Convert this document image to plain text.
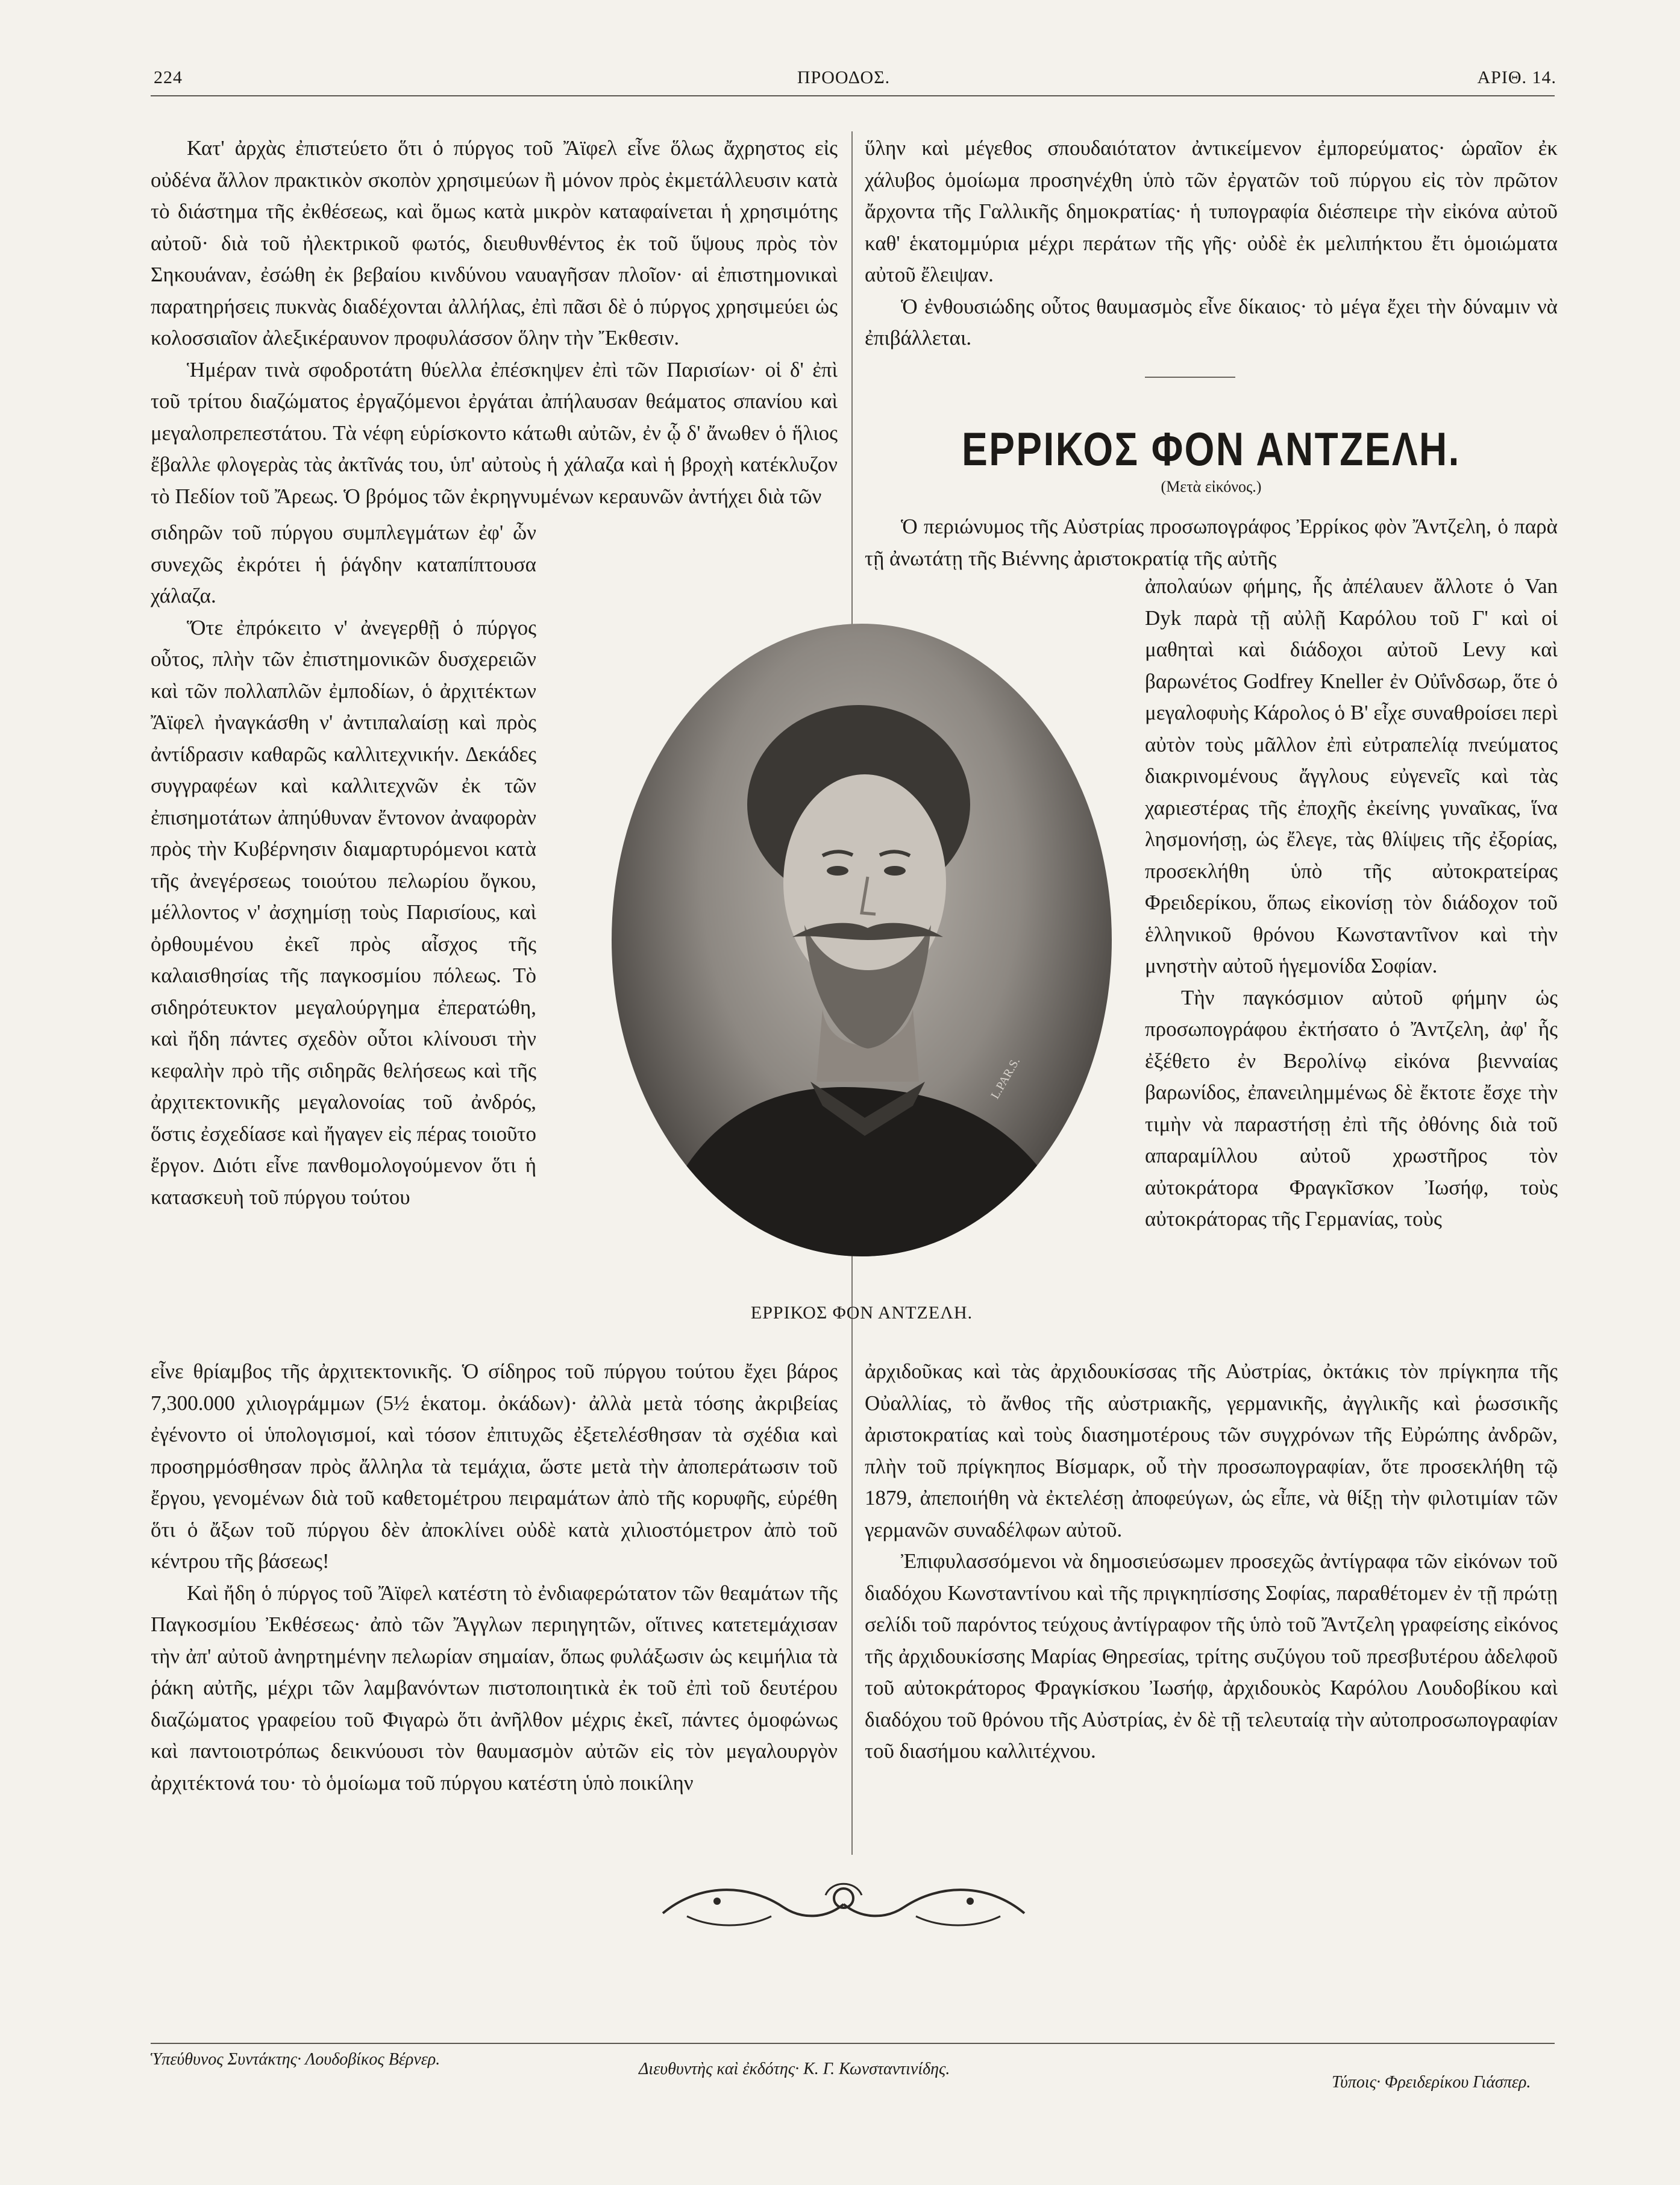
224	ΠΡΟΟΔΟΣ.	ΑΡΙΘ. 14.

Κατ' ἀρχὰς ἐπιστεύετο ὅτι ὁ πύργος τοῦ Ἄϊφελ εἶνε ὅλως ἄχρηστος εἰς οὐδένα ἄλλον πρακτικὸν σκοπὸν χρησιμεύων ἢ μόνον πρὸς ἐκμετάλλευσιν κατὰ τὸ διάστημα τῆς ἐκθέσεως, καὶ ὅμως κατὰ μικρὸν καταφαίνεται ἡ χρησιμότης αὐτοῦ· διὰ τοῦ ἠλεκτρικοῦ φωτός, διευθυνθέντος ἐκ τοῦ ὕψους πρὸς τὸν Σηκουάναν, ἐσώθη ἐκ βεβαίου κινδύνου ναυαγῆσαν πλοῖον· αἱ ἐπιστημονικαὶ παρατηρήσεις πυκνὰς διαδέχονται ἀλλήλας, ἐπὶ πᾶσι δὲ ὁ πύργος χρησιμεύει ὡς κολοσσιαῖον ἀλεξικέραυνον προφυλάσσον ὅλην τὴν Ἔκθεσιν.

Ἡμέραν τινὰ σφοδροτάτη θύελλα ἐπέσκηψεν ἐπὶ τῶν Παρισίων· οἱ δ' ἐπὶ τοῦ τρίτου διαζώματος ἐργαζόμενοι ἐργάται ἀπήλαυσαν θεάματος σπανίου καὶ μεγαλοπρεπεστάτου. Τὰ νέφη εὑρίσκοντο κάτωθι αὐτῶν, ἐν ᾧ δ' ἄνωθεν ὁ ἥλιος ἔβαλλε φλογερὰς τὰς ἀκτῖνάς του, ὑπ' αὐτοὺς ἡ χάλαζα καὶ ἡ βροχὴ κατέκλυζον τὸ Πεδίον τοῦ Ἄρεως. Ὁ βρόμος τῶν ἐκρηγνυμένων κεραυνῶν ἀντήχει διὰ τῶν

σιδηρῶν τοῦ πύργου συμπλεγμάτων ἐφ' ὧν συνεχῶς ἐκρότει ἡ ῥάγδην καταπίπτουσα χάλαζα.

Ὅτε ἐπρόκειτο ν' ἀνεγερθῇ ὁ πύργος οὗτος, πλὴν τῶν ἐπιστημονικῶν δυσχερειῶν καὶ τῶν πολλαπλῶν ἐμποδίων, ὁ ἀρχιτέκτων Ἄϊφελ ἠναγκάσθη ν' ἀντιπαλαίσῃ καὶ πρὸς ἀντίδρασιν καθαρῶς καλλιτεχνικήν. Δεκάδες συγγραφέων καὶ καλλιτεχνῶν ἐκ τῶν ἐπισημοτάτων ἀπηύθυναν ἔντονον ἀναφορὰν πρὸς τὴν Κυβέρνησιν διαμαρτυρόμενοι κατὰ τῆς ἀνεγέρσεως τοιούτου πελωρίου ὄγκου, μέλλοντος ν' ἀσχημίσῃ τοὺς Παρισίους, καὶ ὀρθουμένου ἐκεῖ πρὸς αἶσχος τῆς καλαισθησίας τῆς παγκοσμίου πόλεως. Τὸ σιδηρότευκτον μεγαλούργημα ἐπερατώθη, καὶ ἤδη πάντες σχεδὸν οὗτοι κλίνουσι τὴν κεφαλὴν πρὸ τῆς σιδηρᾶς θελήσεως καὶ τῆς ἀρχιτεκτονικῆς μεγαλονοίας τοῦ ἀνδρός, ὅστις ἐσχεδίασε καὶ ἤγαγεν εἰς πέρας τοιοῦτο ἔργον. Διότι εἶνε πανθομολογούμενον ὅτι ἡ κατασκευὴ τοῦ πύργου τούτου

εἶνε θρίαμβος τῆς ἀρχιτεκτονικῆς. Ὁ σίδηρος τοῦ πύργου τούτου ἔχει βάρος 7,300.000 χιλιογράμμων (5½ ἑκατομ. ὀκάδων)· ἀλλὰ μετὰ τόσης ἀκριβείας ἐγένοντο οἱ ὑπολογισμοί, καὶ τόσον ἐπιτυχῶς ἐξετελέσθησαν τὰ σχέδια καὶ προσηρμόσθησαν πρὸς ἄλληλα τὰ τεμάχια, ὥστε μετὰ τὴν ἀποπεράτωσιν τοῦ ἔργου, γενομένων διὰ τοῦ καθετομέτρου πειραμάτων ἀπὸ τῆς κορυφῆς, εὑρέθη ὅτι ὁ ἄξων τοῦ πύργου δὲν ἀποκλίνει οὐδὲ κατὰ χιλιοστόμετρον ἀπὸ τοῦ κέντρου τῆς βάσεως!

Καὶ ἤδη ὁ πύργος τοῦ Ἄϊφελ κατέστη τὸ ἐνδιαφερώτατον τῶν θεαμάτων τῆς Παγκοσμίου Ἐκθέσεως· ἀπὸ τῶν Ἄγγλων περιηγητῶν, οἵτινες κατετεμάχισαν τὴν ἀπ' αὐτοῦ ἀνηρτημένην πελωρίαν σημαίαν, ὅπως φυλάξωσιν ὡς κειμήλια τὰ ῥάκη αὐτῆς, μέχρι τῶν λαμβανόντων πιστοποιητικὰ ἐκ τοῦ ἐπὶ τοῦ δευτέρου διαζώματος γραφείου τοῦ Φιγαρὼ ὅτι ἀνῆλθον μέχρις ἐκεῖ, πάντες ὁμοφώνως καὶ παντοιοτρόπως δεικνύουσι τὸν θαυμασμὸν αὐτῶν εἰς τὸν μεγαλουργὸν ἀρχιτέκτονά του· τὸ ὁμοίωμα τοῦ πύργου κατέστη ὑπὸ ποικίλην

ὕλην καὶ μέγεθος σπουδαιότατον ἀντικείμενον ἐμπορεύματος· ὡραῖον ἐκ χάλυβος ὁμοίωμα προσηνέχθη ὑπὸ τῶν ἐργατῶν τοῦ πύργου εἰς τὸν πρῶτον ἄρχοντα τῆς Γαλλικῆς δημοκρατίας· ἡ τυπογραφία διέσπειρε τὴν εἰκόνα αὐτοῦ καθ' ἑκατομμύρια μέχρι περάτων τῆς γῆς· οὐδὲ ἐκ μελιπήκτου ἔτι ὁμοιώματα αὐτοῦ ἔλειψαν.

Ὁ ἐνθουσιώδης οὗτος θαυμασμὸς εἶνε δίκαιος· τὸ μέγα ἔχει τὴν δύναμιν νὰ ἐπιβάλλεται.

ΕΡΡΙΚΟΣ ΦΟΝ ΑΝΤΖΕΛΗ.
(Μετὰ εἰκόνος.)

Ὁ περιώνυμος τῆς Αὐστρίας προσωπογράφος Ἐρρίκος φὸν Ἄντζελη, ὁ παρὰ τῇ ἀνωτάτῃ τῆς Βιέννης ἀριστοκρατίᾳ τῆς αὐτῆς

ἀπολαύων φήμης, ἧς ἀπέλαυεν ἄλλοτε ὁ Van Dyk παρὰ τῇ αὐλῇ Καρόλου τοῦ Γ' καὶ οἱ μαθηταὶ καὶ διάδοχοι αὐτοῦ Levy καὶ βαρωνέτος Godfrey Kneller ἐν Οὐΐνδσωρ, ὅτε ὁ μεγαλοφυὴς Κάρολος ὁ Β' εἶχε συναθροίσει περὶ αὐτὸν τοὺς μᾶλλον ἐπὶ εὐτραπελίᾳ πνεύματος διακρινομένους ἄγγλους εὐγενεῖς καὶ τὰς χαριεστέρας τῆς ἐποχῆς ἐκείνης γυναῖκας, ἵνα λησμονήσῃ, ὡς ἔλεγε, τὰς θλίψεις τῆς ἐξορίας, προσεκλήθη ὑπὸ τῆς αὐτοκρατείρας Φρειδερίκου, ὅπως εἰκονίσῃ τὸν διάδοχον τοῦ ἑλληνικοῦ θρόνου Κωνσταντῖνον καὶ τὴν μνηστὴν αὐτοῦ ἡγεμονίδα Σοφίαν.

Τὴν παγκόσμιον αὐτοῦ φήμην ὡς προσωπογράφου ἐκτήσατο ὁ Ἄντζελη, ἀφ' ἧς ἐξέθετο ἐν Βερολίνῳ εἰκόνα βιενναίας βαρωνίδος, ἐπανειλημμένως δὲ ἔκτοτε ἔσχε τὴν τιμὴν νὰ παραστήσῃ ἐπὶ τῆς ὀθόνης διὰ τοῦ απαραμίλλου αὐτοῦ χρωστῆρος τὸν αὐτοκράτορα Φραγκῖσκον Ἰωσήφ, τοὺς αὐτοκράτορας τῆς Γερμανίας, τοὺς

ἀρχιδοῦκας καὶ τὰς ἀρχιδουκίσσας τῆς Αὐστρίας, ὀκτάκις τὸν πρίγκηπα τῆς Οὐαλλίας, τὸ ἄνθος τῆς αὐστριακῆς, γερμανικῆς, ἀγγλικῆς καὶ ῥωσσικῆς ἀριστοκρατίας καὶ τοὺς διασημοτέρους τῶν συγχρόνων τῆς Εὐρώπης ἀνδρῶν, πλὴν τοῦ πρίγκηπος Βίσμαρκ, οὗ τὴν προσωπογραφίαν, ὅτε προσεκλήθη τῷ 1879, ἀπεποιήθη νὰ ἐκτελέσῃ ἀποφεύγων, ὡς εἶπε, νὰ θίξῃ τὴν φιλοτιμίαν τῶν γερμανῶν συναδέλφων αὐτοῦ.

Ἐπιφυλασσόμενοι νὰ δημοσιεύσωμεν προσεχῶς ἀντίγραφα τῶν εἰκόνων τοῦ διαδόχου Κωνσταντίνου καὶ τῆς πριγκηπίσσης Σοφίας, παραθέτομεν ἐν τῇ πρώτῃ σελίδι τοῦ παρόντος τεύχους ἀντίγραφον τῆς ὑπὸ τοῦ Ἄντζελη γραφείσης εἰκόνος τῆς ἀρχιδουκίσσης Μαρίας Θηρεσίας, τρίτης συζύγου τοῦ πρεσβυτέρου ἀδελφοῦ τοῦ αὐτοκράτορος Φραγκίσκου Ἰωσήφ, ἀρχιδουκὸς Καρόλου Λουδοβίκου καὶ διαδόχου τοῦ θρόνου τῆς Αὐστρίας, ἐν δὲ τῇ τελευταίᾳ τὴν αὐτοπροσωπογραφίαν τοῦ διασήμου καλλιτέχνου.

L.PAR.S.
ΕΡΡΙΚΟΣ ΦΟΝ ΑΝΤΖΕΛΗ.
Ὑπεύθυνος Συντάκτης· Λουδοβίκος Βέρνερ.
Διευθυντὴς καὶ ἐκδότης· Κ. Γ. Κωνσταντινίδης.
Τύποις· Φρειδερίκου Γιάσπερ.
